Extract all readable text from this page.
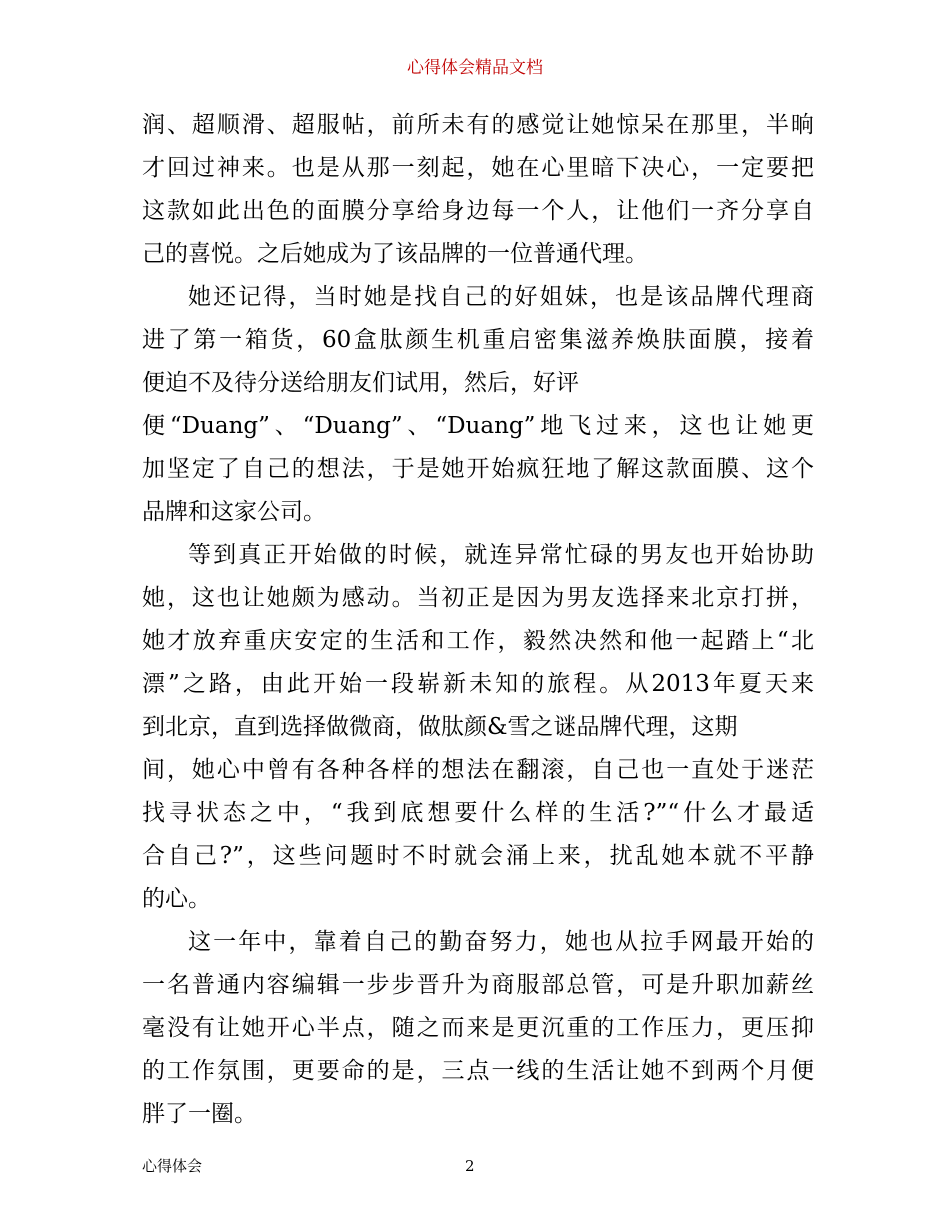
心得体会精品文档
润、超顺滑、超服帖，前所未有的感觉让她惊呆在那里，半晌
才回过神来。也是从那一刻起，她在心里暗下决心，一定要把
这款如此出色的面膜分享给身边每一个人，让他们一齐分享自
己的喜悦。之后她成为了该品牌的一位普通代理。
她还记得，当时她是找自己的好姐妹，也是该品牌代理商
进了第一箱货，60盒肽颜生机重启密集滋养焕肤面膜，接着
便迫不及待分送给朋友们试用，然后，好评
便“Duang”、“Duang”、“Duang”地飞过来，这也让她更
加坚定了自己的想法，于是她开始疯狂地了解这款面膜、这个
品牌和这家公司。
等到真正开始做的时候，就连异常忙碌的男友也开始协助
她，这也让她颇为感动。当初正是因为男友选择来北京打拼，
她才放弃重庆安定的生活和工作，毅然决然和他一起踏上“北
漂”之路，由此开始一段崭新未知的旅程。从2013年夏天来
到北京，直到选择做微商，做肽颜&雪之谜品牌代理，这期
间，她心中曾有各种各样的想法在翻滚，自己也一直处于迷茫
找寻状态之中，“我到底想要什么样的生活?”“什么才最适
合自己?”，这些问题时不时就会涌上来，扰乱她本就不平静
的心。
这一年中，靠着自己的勤奋努力，她也从拉手网最开始的
一名普通内容编辑一步步晋升为商服部总管，可是升职加薪丝
毫没有让她开心半点，随之而来是更沉重的工作压力，更压抑
的工作氛围，更要命的是，三点一线的生活让她不到两个月便
胖了一圈。
心得体会	2
